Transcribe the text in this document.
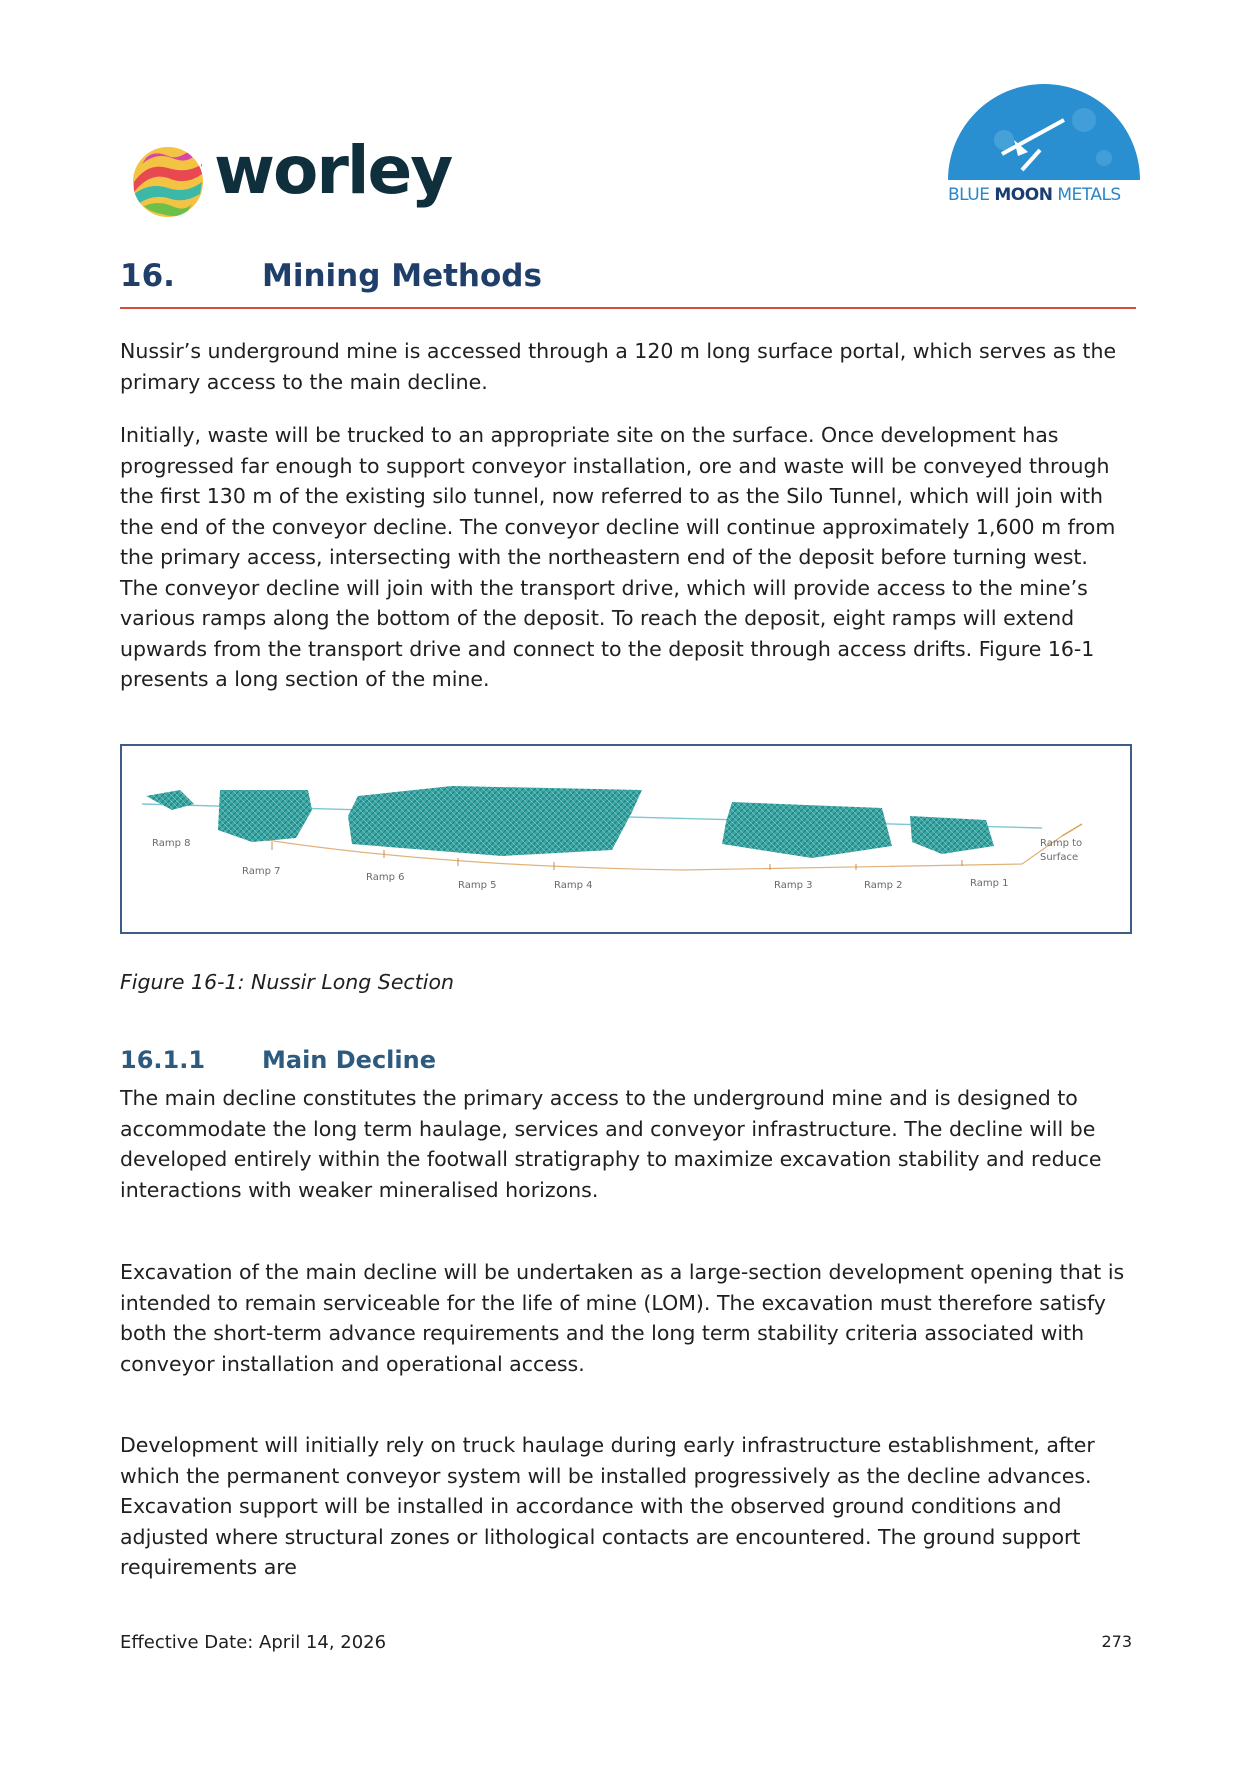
worley	BLUE MOON METALS
16.	Mining Methods

Nussir’s underground mine is accessed through a 120 m long surface portal, which serves as the primary access to the main decline.

Initially, waste will be trucked to an appropriate site on the surface. Once development has progressed far enough to support conveyor installation, ore and waste will be conveyed through the first 130 m of the existing silo tunnel, now referred to as the Silo Tunnel, which will join with the end of the conveyor decline. The conveyor decline will continue approximately 1,600 m from the primary access, intersecting with the northeastern end of the deposit before turning west. The conveyor decline will join with the transport drive, which will provide access to the mine’s various ramps along the bottom of the deposit. To reach the deposit, eight ramps will extend upwards from the transport drive and connect to the deposit through access drifts. Figure 16-1 presents a long section of the mine.

Ramp 8
Ramp 7
Ramp 6
Ramp 5	Ramp 4	Ramp 3	Ramp 2	Ramp 1
Ramp to
Surface
Figure 16-1: Nussir Long Section
16.1.1 Main Decline

The main decline constitutes the primary access to the underground mine and is designed to accommodate the long term haulage, services and conveyor infrastructure. The decline will be developed entirely within the footwall stratigraphy to maximize excavation stability and reduce interactions with weaker mineralised horizons.

Excavation of the main decline will be undertaken as a large-section development opening that is intended to remain serviceable for the life of mine (LOM). The excavation must therefore satisfy both the short-term advance requirements and the long term stability criteria associated with conveyor installation and operational access.

Development will initially rely on truck haulage during early infrastructure establishment, after which the permanent conveyor system will be installed progressively as the decline advances. Excavation support will be installed in accordance with the observed ground conditions and adjusted where structural zones or lithological contacts are encountered. The ground support requirements are

Effective Date: April 14, 2026	273
